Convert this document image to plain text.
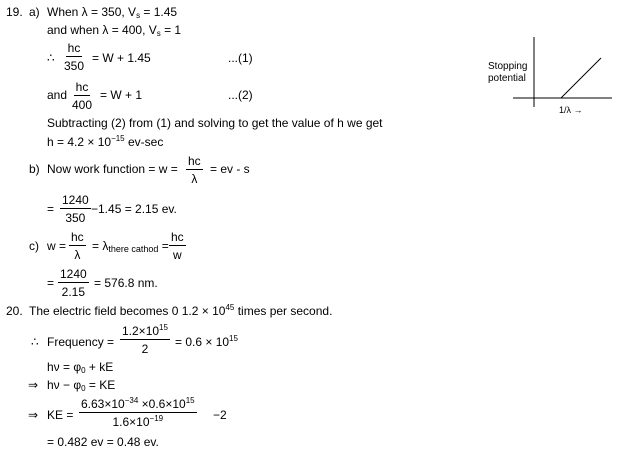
19. a) When λ = 350, $V_s = 1.45$
and when λ = 400, $V_s = 1$
∴ $\frac{hc}{350} = W + 1.45$	...(1)
and $\frac{hc}{400} = W + 1$	...(2)
Subtracting (2) from (1) and solving to get the value of h we get
$h = 4.2 \times 10^{-15}$ ev-sec
b) Now work function = $w = \frac{hc}{\lambda}$ = ev - s
= $\frac{1240}{350} -1.45 = 2.15$ ev.
c) $w = \frac{hc}{\lambda} = \lambda_{there cathod} = \frac{hc}{w}$
= $\frac{1240}{2.15} = 576.8$ nm.
Stopping
potential
1/λ →
20. The electric field becomes 0 $1.2 \times 10^{45}$ times per second.
∴ Frequency = $\frac{1.2\times 10^{15}}{2} = 0.6 \times 10^{15}$
$h\nu = \varphi_0$ + kE
⇒ $h\nu - \varphi_0$ = KE
⇒ KE = $\frac{6.63\times 10^{-34} \times 0.6\times 10^{15}}{1.6\times 10^{-19}} -2$
= 0.482 ev = 0.48 ev.
